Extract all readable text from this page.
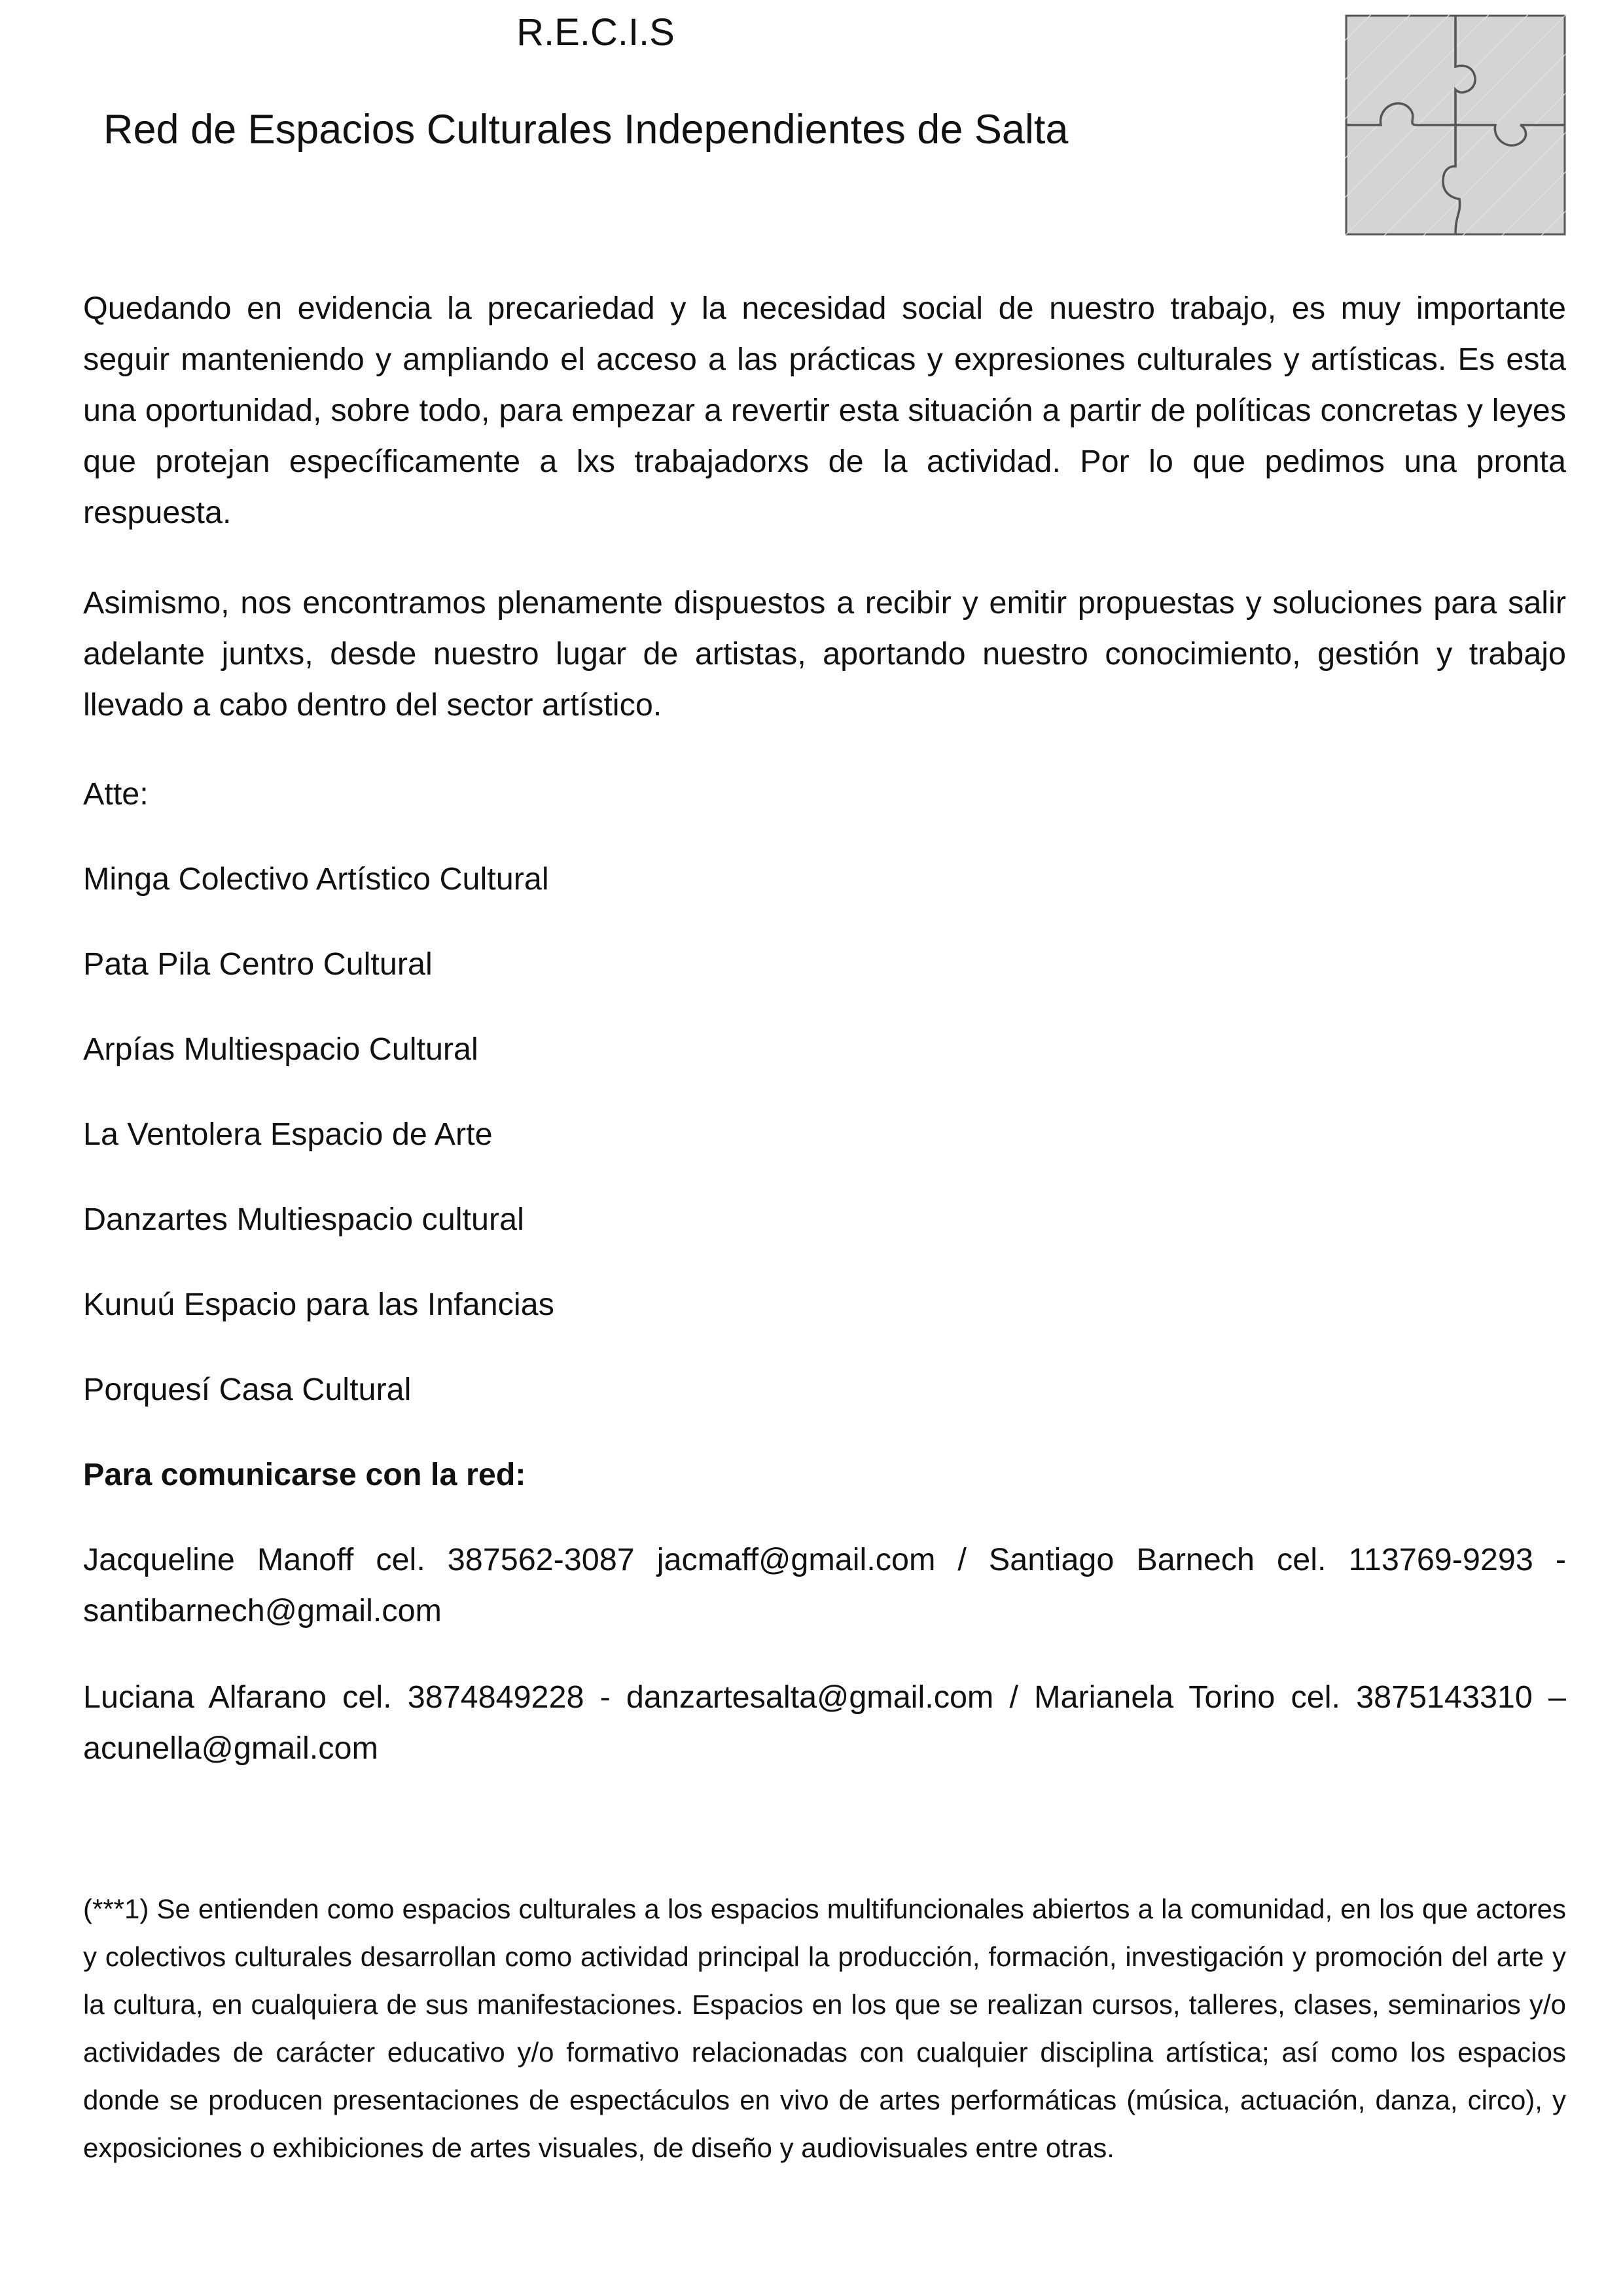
R.E.C.I.S
Red de Espacios Culturales Independientes de Salta

Quedando en evidencia la precariedad y la necesidad social de nuestro trabajo, es muy importante seguir manteniendo y ampliando el acceso a las prácticas y expresiones culturales y artísticas. Es esta una oportunidad, sobre todo, para empezar a revertir esta situación a partir de políticas concretas y leyes que protejan específicamente a lxs trabajadorxs de la actividad. Por lo que pedimos una pronta respuesta.

Asimismo, nos encontramos plenamente dispuestos a recibir y emitir propuestas y soluciones para salir adelante juntxs, desde nuestro lugar de artistas, aportando nuestro conocimiento, gestión y trabajo llevado a cabo dentro del sector artístico.

Atte:

Minga Colectivo Artístico Cultural

Pata Pila Centro Cultural

Arpías Multiespacio Cultural

La Ventolera Espacio de Arte

Danzartes Multiespacio cultural

Kunuú Espacio para las Infancias

Porquesí Casa Cultural

Para comunicarse con la red:

Jacqueline Manoff cel. 387562-3087 jacmaff@gmail.com / Santiago Barnech cel. 113769-9293 - santibarnech@gmail.com

Luciana Alfarano cel. 3874849228 - danzartesalta@gmail.com / Marianela Torino cel. 3875143310 – acunella@gmail.com

(***1) Se entienden como espacios culturales a los espacios multifuncionales abiertos a la comunidad, en los que actores y colectivos culturales desarrollan como actividad principal la producción, formación, investigación y promoción del arte y la cultura, en cualquiera de sus manifestaciones. Espacios en los que se realizan cursos, talleres, clases, seminarios y/o actividades de carácter educativo y/o formativo relacionadas con cualquier disciplina artística; así como los espacios donde se producen presentaciones de espectáculos en vivo de artes performáticas (música, actuación, danza, circo), y exposiciones o exhibiciones de artes visuales, de diseño y audiovisuales entre otras.
